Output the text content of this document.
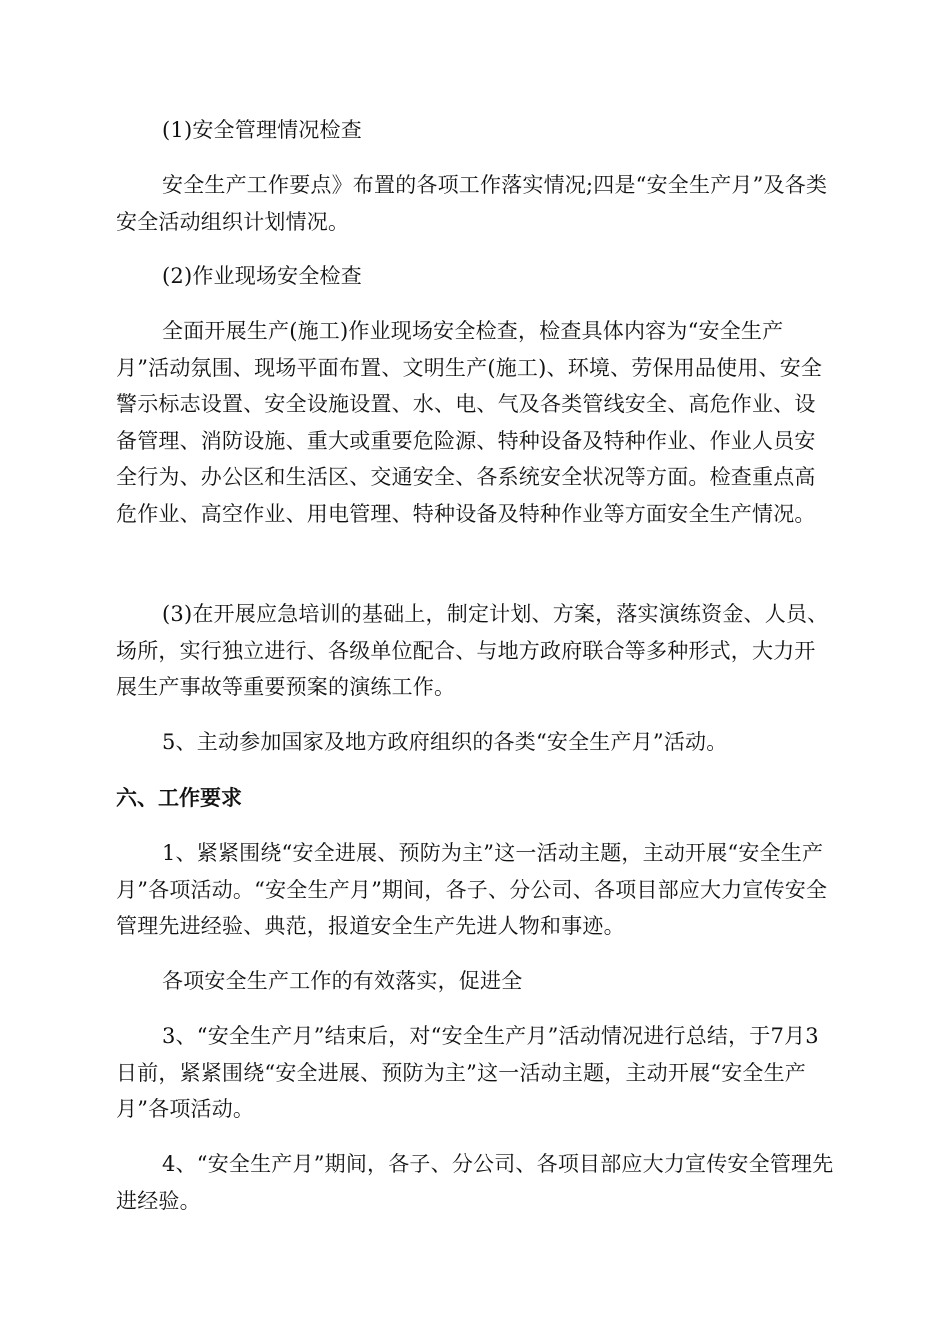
(1)安全管理情况检查

安全生产工作要点》布置的各项工作落实情况;四是“安全生产月”及各类安全活动组织计划情况。

(2)作业现场安全检查

全面开展生产(施工)作业现场安全检查，检查具体内容为“安全生产月”活动氛围、现场平面布置、文明生产(施工)、环境、劳保用品使用、安全警示标志设置、安全设施设置、水、电、气及各类管线安全、高危作业、设备管理、消防设施、重大或重要危险源、特种设备及特种作业、作业人员安全行为、办公区和生活区、交通安全、各系统安全状况等方面。检查重点高危作业、高空作业、用电管理、特种设备及特种作业等方面安全生产情况。

(3)在开展应急培训的基础上，制定计划、方案，落实演练资金、人员、场所，实行独立进行、各级单位配合、与地方政府联合等多种形式，大力开展生产事故等重要预案的演练工作。

5、主动参加国家及地方政府组织的各类“安全生产月”活动。

六、工作要求

1、紧紧围绕“安全进展、预防为主”这一活动主题，主动开展“安全生产月”各项活动。“安全生产月”期间，各子、分公司、各项目部应大力宣传安全管理先进经验、典范，报道安全生产先进人物和事迹。

各项安全生产工作的有效落实，促进全

3、“安全生产月”结束后，对“安全生产月”活动情况进行总结，于7月3日前，紧紧围绕“安全进展、预防为主”这一活动主题，主动开展“安全生产月”各项活动。

4、“安全生产月”期间，各子、分公司、各项目部应大力宣传安全管理先进经验。
